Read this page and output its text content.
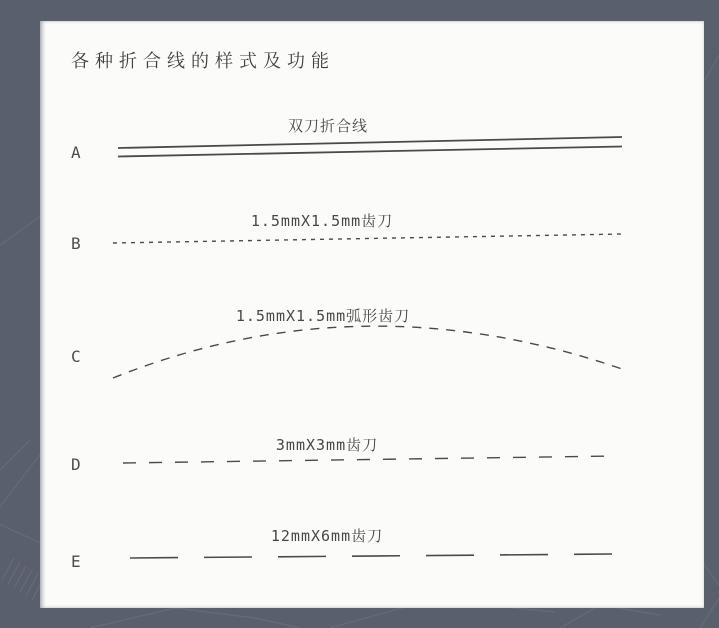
各种折合线的样式及功能
双刀折合线
1.5mmX1.5mm齿刀
1.5mmX1.5mm弧形齿刀
3mmX3mm齿刀
12mmX6mm齿刀
A
B
C
D
E
